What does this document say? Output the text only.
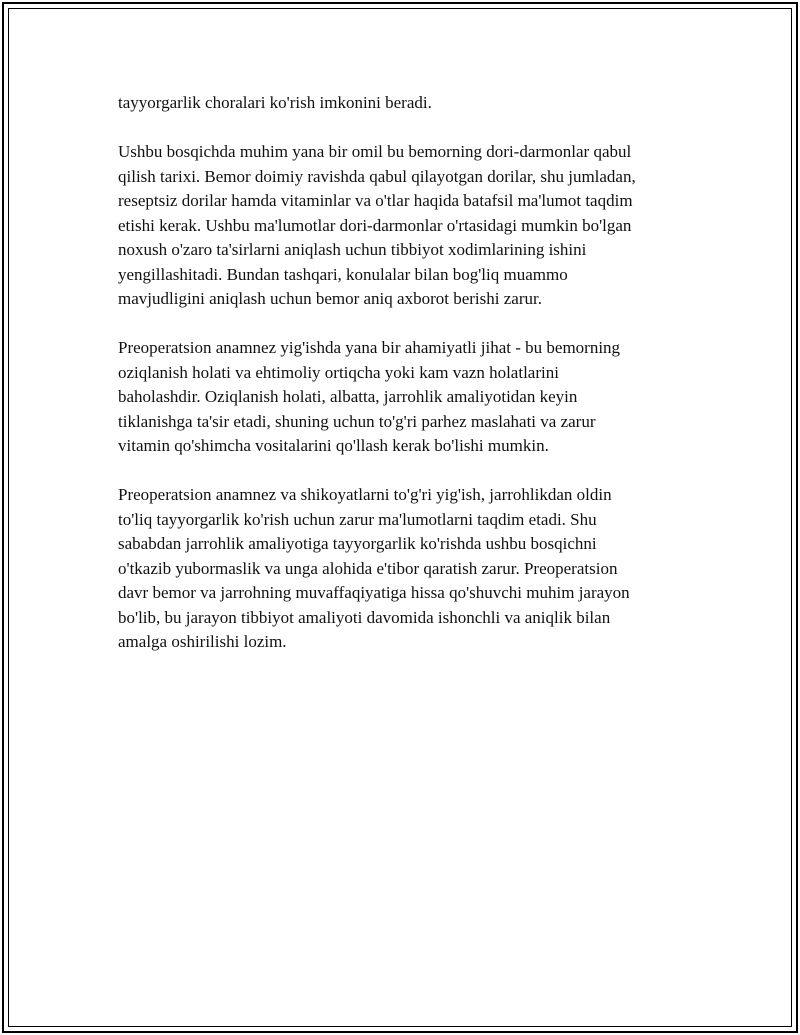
tayyorgarlik choralari ko'rish imkonini beradi.

Ushbu bosqichda muhim yana bir omil bu bemorning dori-darmonlar qabul
qilish tarixi. Bemor doimiy ravishda qabul qilayotgan dorilar, shu jumladan,
reseptsiz dorilar hamda vitaminlar va o'tlar haqida batafsil ma'lumot taqdim
etishi kerak. Ushbu ma'lumotlar dori-darmonlar o'rtasidagi mumkin bo'lgan
noxush o'zaro ta'sirlarni aniqlash uchun tibbiyot xodimlarining ishini
yengillashitadi. Bundan tashqari, konulalar bilan bog'liq muammo
mavjudligini aniqlash uchun bemor aniq axborot berishi zarur.

Preoperatsion anamnez yig'ishda yana bir ahamiyatli jihat - bu bemorning
oziqlanish holati va ehtimoliy ortiqcha yoki kam vazn holatlarini
baholashdir. Oziqlanish holati, albatta, jarrohlik amaliyotidan keyin
tiklanishga ta'sir etadi, shuning uchun to'g'ri parhez maslahati va zarur
vitamin qo'shimcha vositalarini qo'llash kerak bo'lishi mumkin.

Preoperatsion anamnez va shikoyatlarni to'g'ri yig'ish, jarrohlikdan oldin
to'liq tayyorgarlik ko'rish uchun zarur ma'lumotlarni taqdim etadi. Shu
sababdan jarrohlik amaliyotiga tayyorgarlik ko'rishda ushbu bosqichni
o'tkazib yubormaslik va unga alohida e'tibor qaratish zarur. Preoperatsion
davr bemor va jarrohning muvaffaqiyatiga hissa qo'shuvchi muhim jarayon
bo'lib, bu jarayon tibbiyot amaliyoti davomida ishonchli va aniqlik bilan
amalga oshirilishi lozim.
